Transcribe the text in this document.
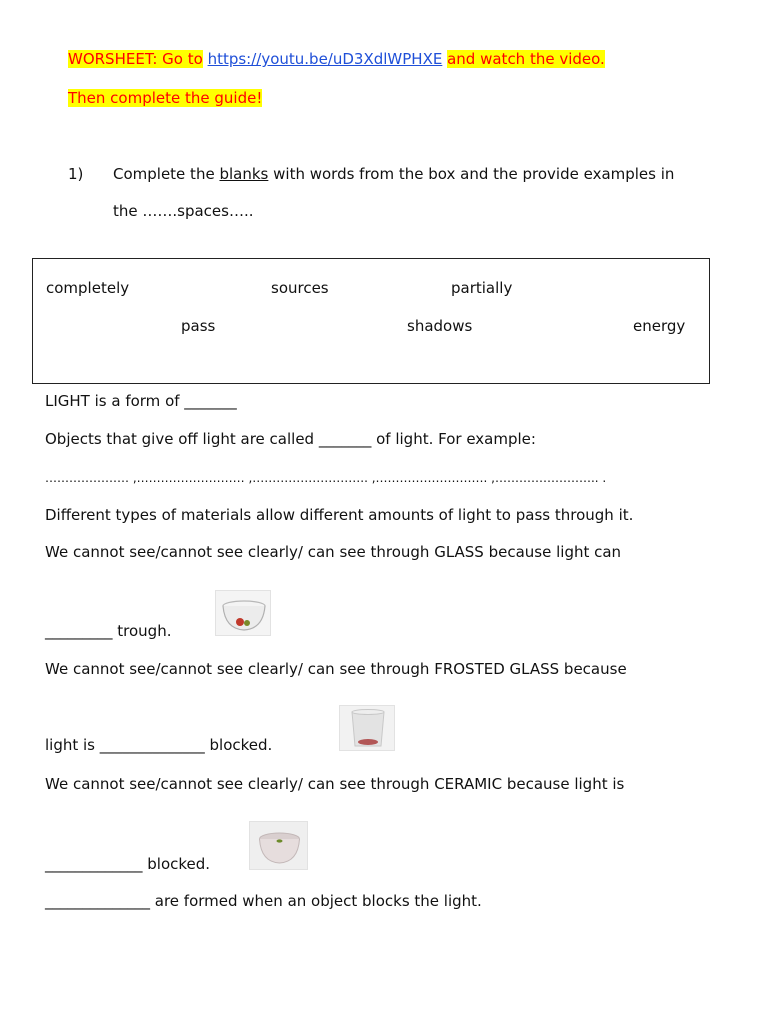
WORSHEET: Go to https://youtu.be/uD3XdlWPHXE and watch the video.
Then complete the guide!
1) Complete the blanks with words from the box and the provide examples in
the …….spaces…..
completely	sources	partially
pass	shadows	energy
LIGHT is a form of _______
Objects that give off light are called _______ of light. For example:
………………… ,……………………… ,……………………….. ,………………………. ,…………………….. .
Different types of materials allow different amounts of light to pass through it.
We cannot see/cannot see clearly/ can see through GLASS because light can
_________ trough.
We cannot see/cannot see clearly/ can see through FROSTED GLASS because
light is ______________ blocked.
We cannot see/cannot see clearly/ can see through CERAMIC because light is
_____________ blocked.
______________ are formed when an object blocks the light.
